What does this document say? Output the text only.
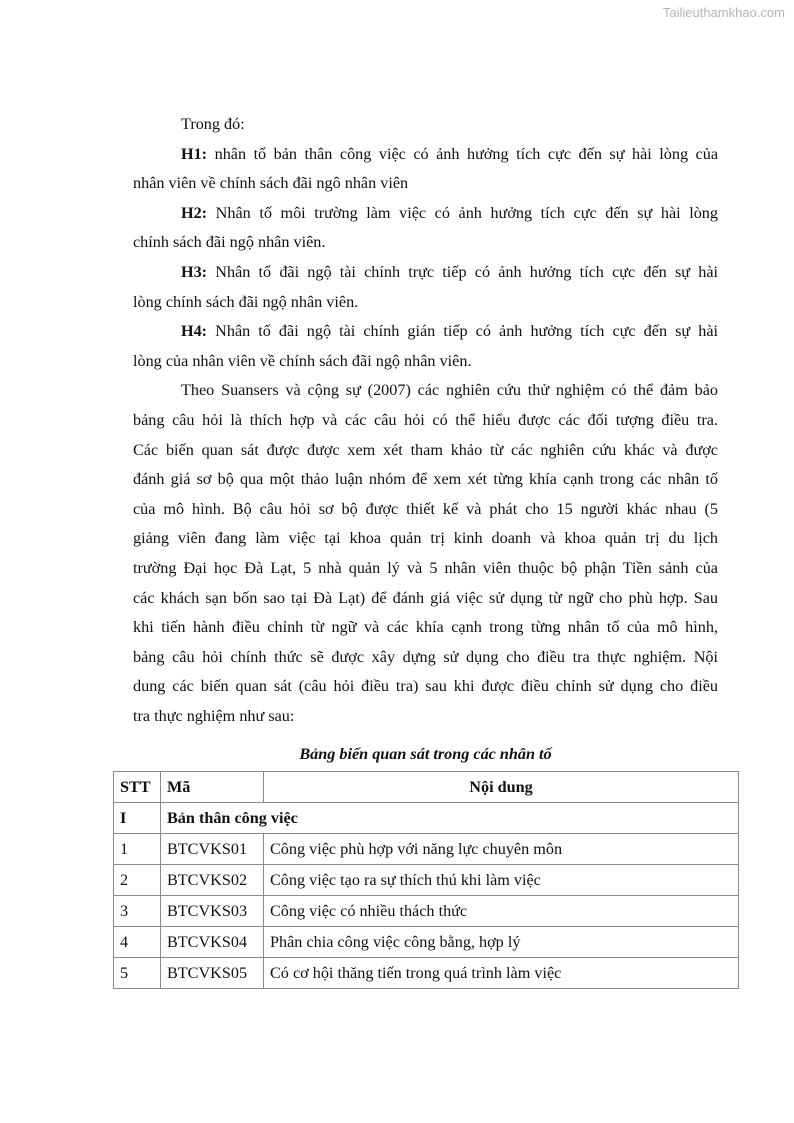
Tailieuthamkhao.com
Trong đó:
H1: nhân tố bản thân công việc có ảnh hưởng tích cực đến sự hài lòng của
nhân viên về chính sách đãi ngô nhân viên
H2: Nhân tố môi trường làm việc có ảnh hưởng tích cực đến sự hài lòng
chính sách đãi ngộ nhân viên.
H3: Nhân tố đãi ngộ tài chính trực tiếp có ảnh hưởng tích cực đến sự hài
lòng chính sách đãi ngộ nhân viên.
H4: Nhân tố đãi ngộ tài chính gián tiếp có ảnh hưởng tích cực đến sự hài
lòng của nhân viên về chính sách đãi ngộ nhân viên.
Theo Suansers và cộng sự (2007) các nghiên cứu thử nghiệm có thể đảm bảo
bảng câu hỏi là thích hợp và các câu hỏi có thể hiểu được các đối tượng điều tra.
Các biến quan sát được được xem xét tham khảo từ các nghiên cứu khác và được
đánh giá sơ bộ qua một thảo luận nhóm để xem xét từng khía cạnh trong các nhân tố
của mô hình. Bộ câu hỏi sơ bộ được thiết kế và phát cho 15 người khác nhau (5
giảng viên đang làm việc tại khoa quản trị kinh doanh và khoa quản trị du lịch
trường Đại học Đà Lạt, 5 nhà quản lý và 5 nhân viên thuộc bộ phận Tiền sảnh của
các khách sạn bốn sao tại Đà Lạt) để đánh giá việc sử dụng từ ngữ cho phù hợp. Sau
khi tiến hành điều chỉnh từ ngữ và các khía cạnh trong từng nhân tố của mô hình,
bảng câu hỏi chính thức sẽ được xây dựng sử dụng cho điều tra thực nghiệm. Nội
dung các biến quan sát (câu hỏi điều tra) sau khi được điều chỉnh sử dụng cho điều
tra thực nghiệm như sau:
Bảng biến quan sát trong các nhân tố
STT	Mã	Nội dung
I	Bản thân công việc	
1	BTCVKS01	Công việc phù hợp với năng lực chuyên môn
2	BTCVKS02	Công việc tạo ra sự thích thú khi làm việc
3	BTCVKS03	Công việc có nhiều thách thức
4	BTCVKS04	Phân chia công việc công bằng, hợp lý
5	BTCVKS05	Có cơ hội thăng tiến trong quá trình làm việc
